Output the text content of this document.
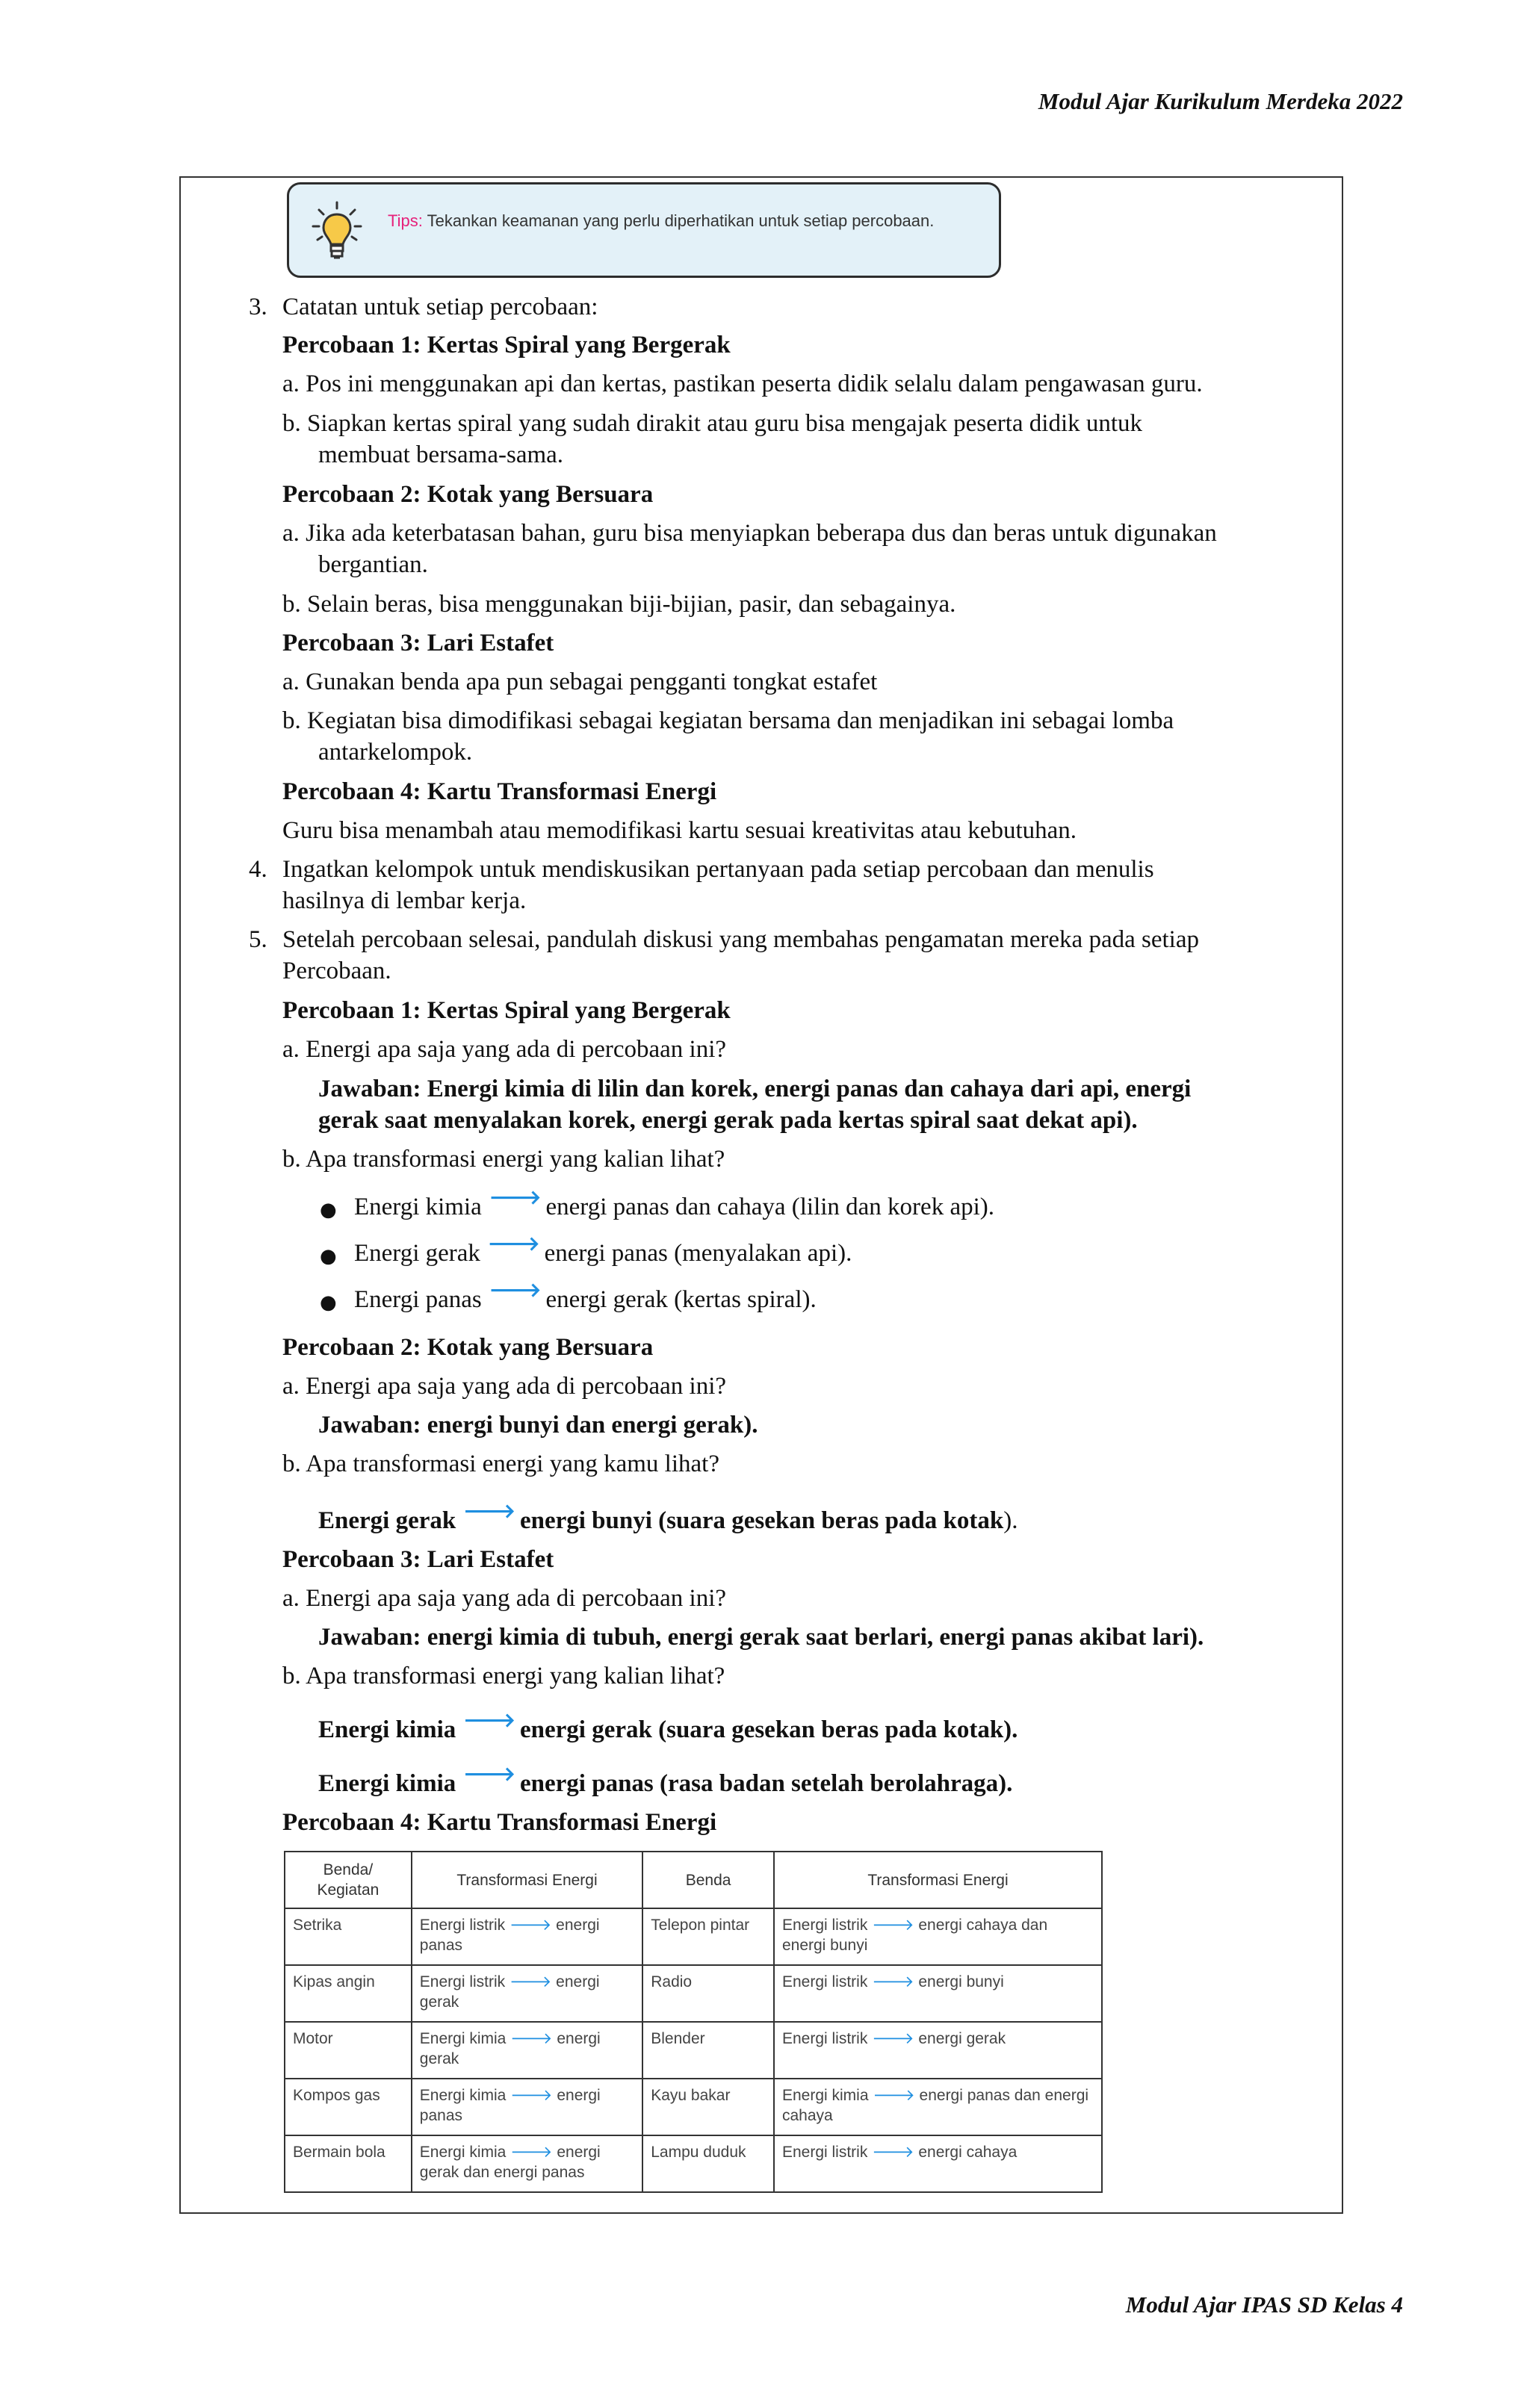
Modul Ajar Kurikulum Merdeka 2022
Tips: Tekankan keamanan yang perlu diperhatikan untuk setiap percobaan.
3. Catatan untuk setiap percobaan:
Percobaan 1: Kertas Spiral yang Bergerak
a. Pos ini menggunakan api dan kertas, pastikan peserta didik selalu dalam pengawasan guru.
b. Siapkan kertas spiral yang sudah dirakit atau guru bisa mengajak peserta didik untuk
membuat bersama-sama.
Percobaan 2: Kotak yang Bersuara
a. Jika ada keterbatasan bahan, guru bisa menyiapkan beberapa dus dan beras untuk digunakan
bergantian.
b. Selain beras, bisa menggunakan biji-bijian, pasir, dan sebagainya.
Percobaan 3: Lari Estafet
a. Gunakan benda apa pun sebagai pengganti tongkat estafet
b. Kegiatan bisa dimodifikasi sebagai kegiatan bersama dan menjadikan ini sebagai lomba
antarkelompok.
Percobaan 4: Kartu Transformasi Energi
Guru bisa menambah atau memodifikasi kartu sesuai kreativitas atau kebutuhan.
4. Ingatkan kelompok untuk mendiskusikan pertanyaan pada setiap percobaan dan menulis
hasilnya di lembar kerja.
5. Setelah percobaan selesai, pandulah diskusi yang membahas pengamatan mereka pada setiap
Percobaan.
Percobaan 1: Kertas Spiral yang Bergerak
a. Energi apa saja yang ada di percobaan ini?
Jawaban: Energi kimia di lilin dan korek, energi panas dan cahaya dari api, energi
gerak saat menyalakan korek, energi gerak pada kertas spiral saat dekat api).
b. Apa transformasi energi yang kalian lihat?
● Energi kimia 🡒 energi panas dan cahaya (lilin dan korek api).
● Energi gerak 🡒 energi panas (menyalakan api).
● Energi panas 🡒 energi gerak (kertas spiral).
Percobaan 2: Kotak yang Bersuara
a. Energi apa saja yang ada di percobaan ini?
Jawaban: energi bunyi dan energi gerak).
b. Apa transformasi energi yang kamu lihat?
Energi gerak 🡒 energi bunyi (suara gesekan beras pada kotak).
Percobaan 3: Lari Estafet
a. Energi apa saja yang ada di percobaan ini?
Jawaban: energi kimia di tubuh, energi gerak saat berlari, energi panas akibat lari).
b. Apa transformasi energi yang kalian lihat?
Energi kimia 🡒 energi gerak (suara gesekan beras pada kotak).
Energi kimia 🡒 energi panas (rasa badan setelah berolahraga).
Percobaan 4: Kartu Transformasi Energi
Benda/ Kegiatan	Transformasi Energi	Benda	Transformasi Energi
Setrika	Energi listrik 🡒 energi panas	Telepon pintar	Energi listrik 🡒 energi cahaya dan energi bunyi
Kipas angin	Energi listrik 🡒 energi gerak	Radio	Energi listrik 🡒 energi bunyi
Motor	Energi kimia 🡒 energi gerak	Blender	Energi listrik 🡒 energi gerak
Kompos gas	Energi kimia 🡒 energi panas	Kayu bakar	Energi kimia 🡒 energi panas dan energi cahaya
Bermain bola	Energi kimia 🡒 energi gerak dan energi panas	Lampu duduk	Energi listrik 🡒 energi cahaya
Modul Ajar IPAS SD Kelas 4
